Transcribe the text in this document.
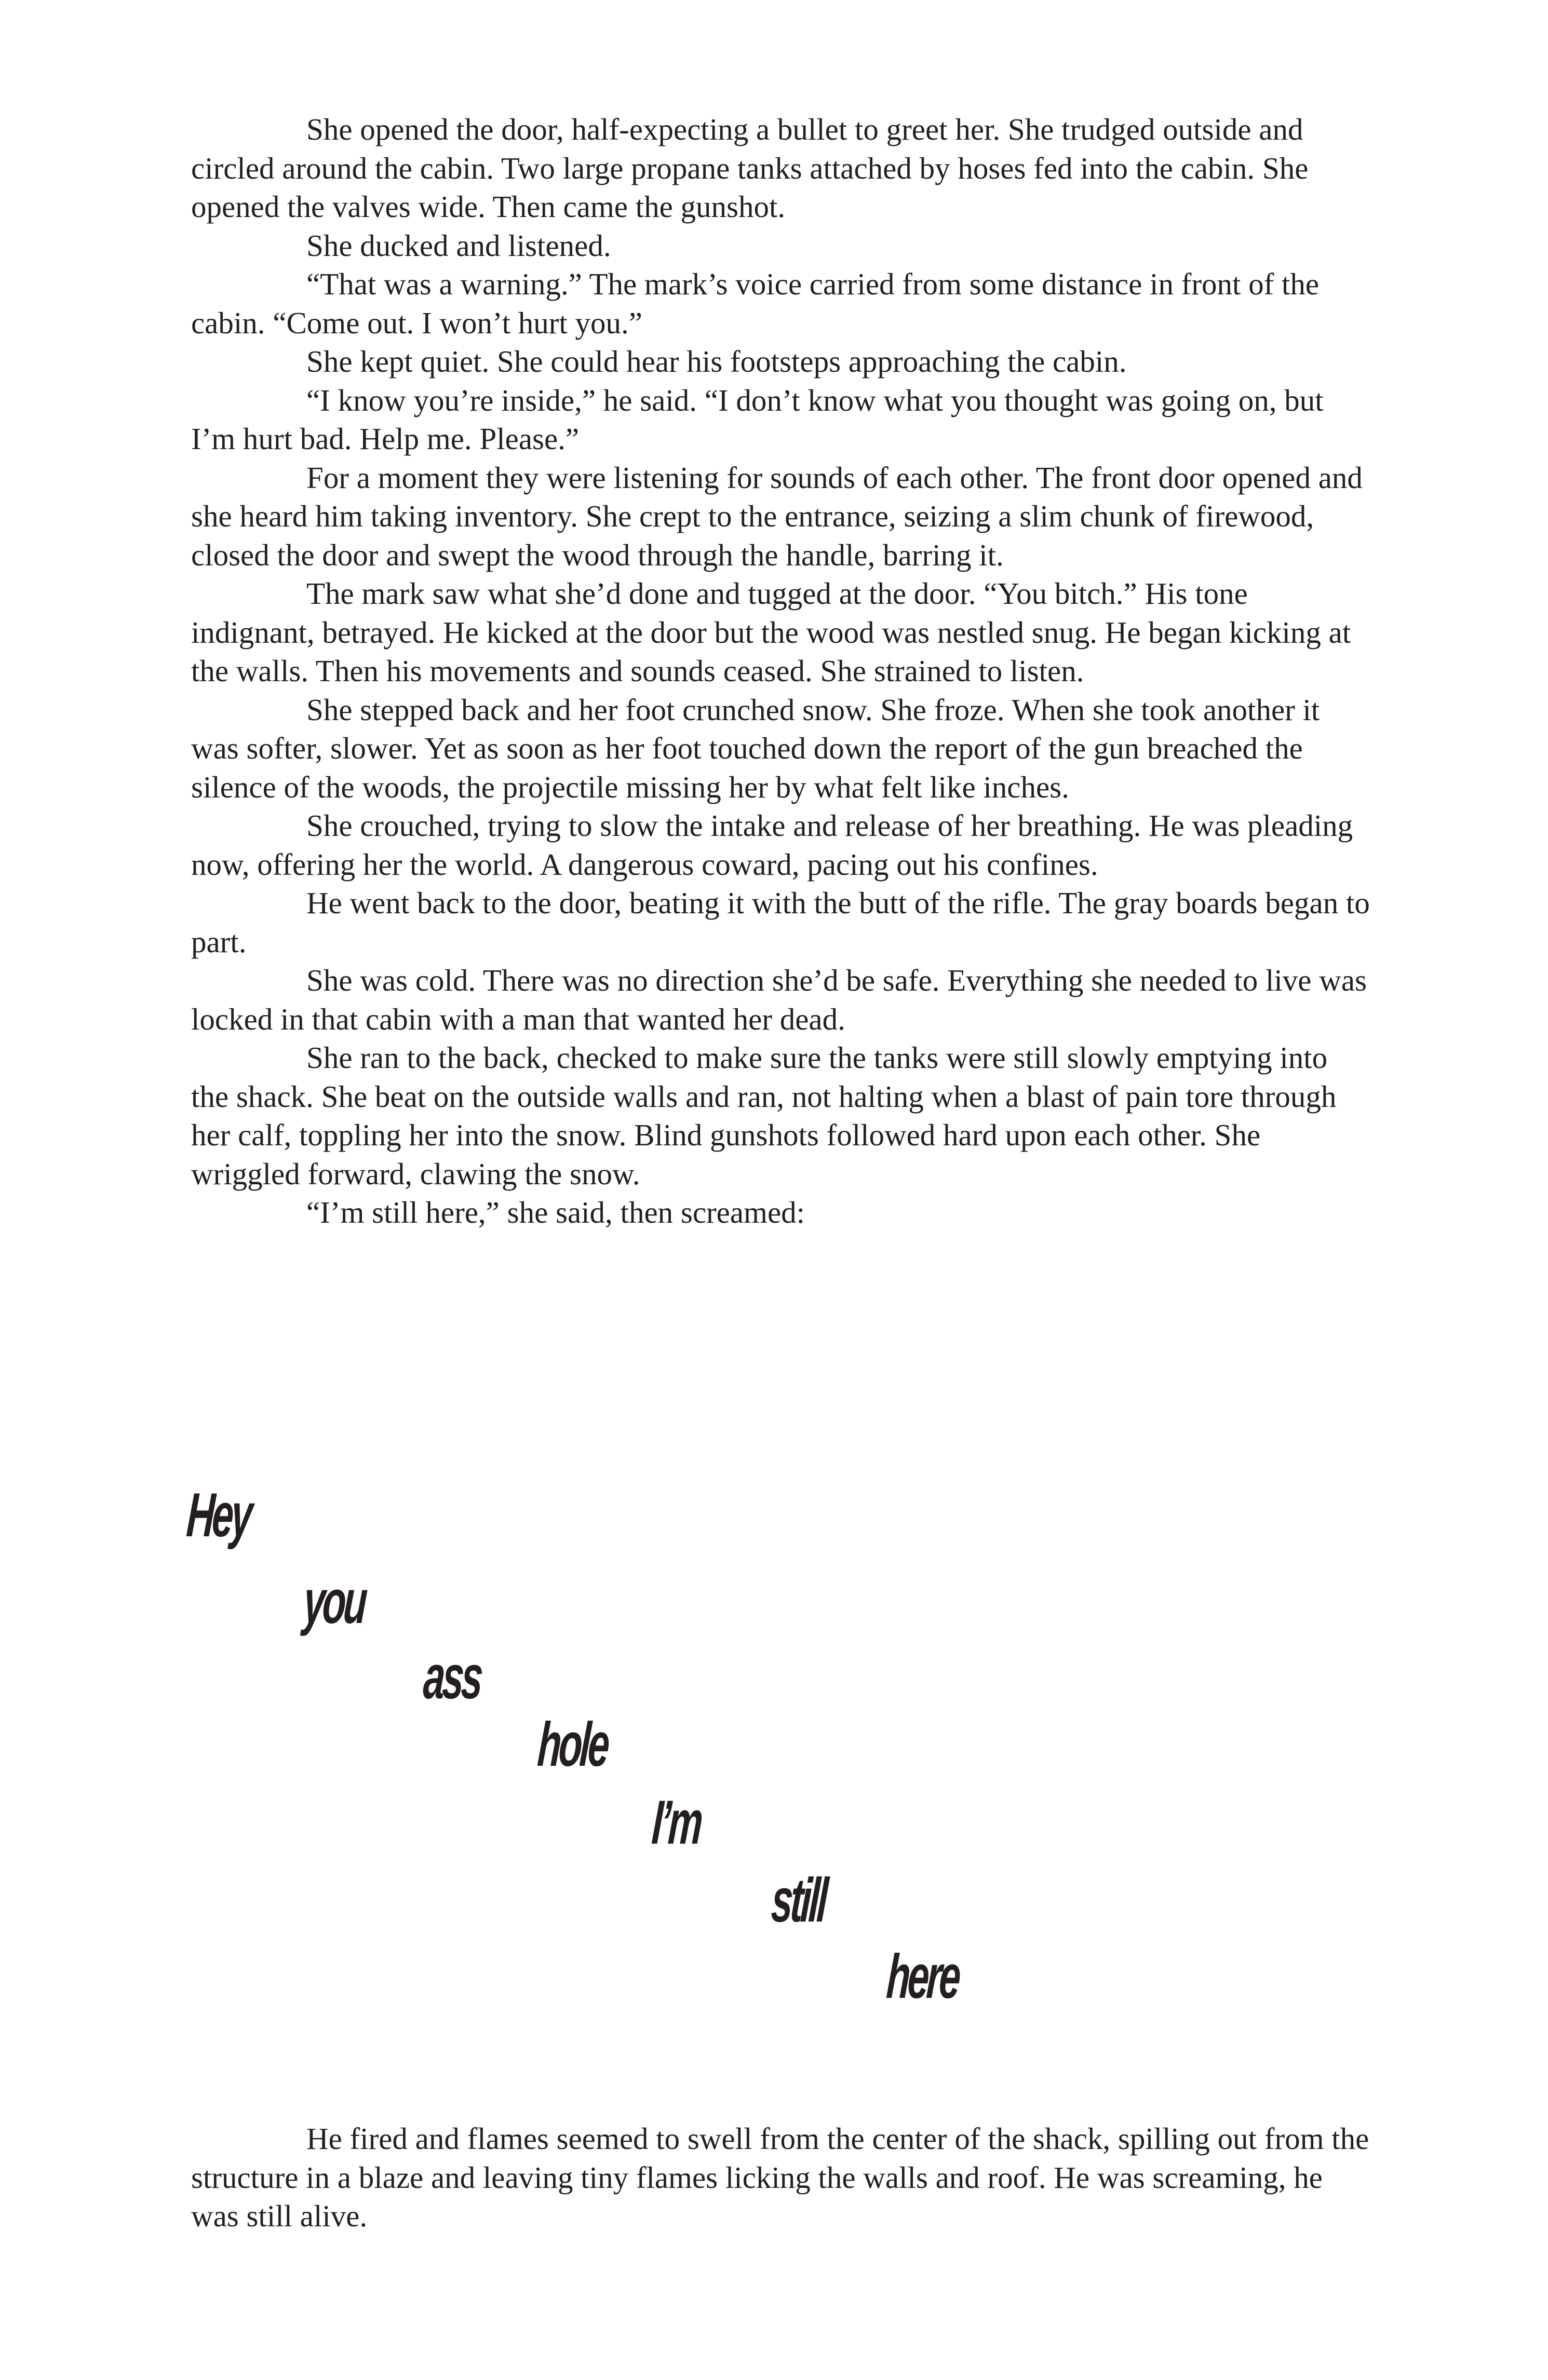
She opened the door, half-expecting a bullet to greet her. She trudged outside and circled around the cabin. Two large propane tanks attached by hoses fed into the cabin. She opened the valves wide. Then came the gunshot.

She ducked and listened.

“That was a warning.” The mark’s voice carried from some distance in front of the cabin. “Come out. I won’t hurt you.”

She kept quiet. She could hear his footsteps approaching the cabin.

“I know you’re inside,” he said. “I don’t know what you thought was going on, but I’m hurt bad. Help me. Please.”

For a moment they were listening for sounds of each other. The front door opened and she heard him taking inventory. She crept to the entrance, seizing a slim chunk of firewood, closed the door and swept the wood through the handle, barring it.

The mark saw what she’d done and tugged at the door. “You bitch.” His tone indignant, betrayed. He kicked at the door but the wood was nestled snug. He began kicking at the walls. Then his movements and sounds ceased. She strained to listen.

She stepped back and her foot crunched snow. She froze. When she took another it was softer, slower. Yet as soon as her foot touched down the report of the gun breached the silence of the woods, the projectile missing her by what felt like inches.

She crouched, trying to slow the intake and release of her breathing. He was pleading now, offering her the world. A dangerous coward, pacing out his confines.

He went back to the door, beating it with the butt of the rifle. The gray boards began to part.

She was cold. There was no direction she’d be safe. Everything she needed to live was locked in that cabin with a man that wanted her dead.

She ran to the back, checked to make sure the tanks were still slowly emptying into the shack. She beat on the outside walls and ran, not halting when a blast of pain tore through her calf, toppling her into the snow. Blind gunshots followed hard upon each other. She wriggled forward, clawing the snow.

“I’m still here,” she said, then screamed:

Hey
you
ass
hole
I’m
still
here

He fired and flames seemed to swell from the center of the shack, spilling out from the structure in a blaze and leaving tiny flames licking the walls and roof. He was screaming, he was still alive.
